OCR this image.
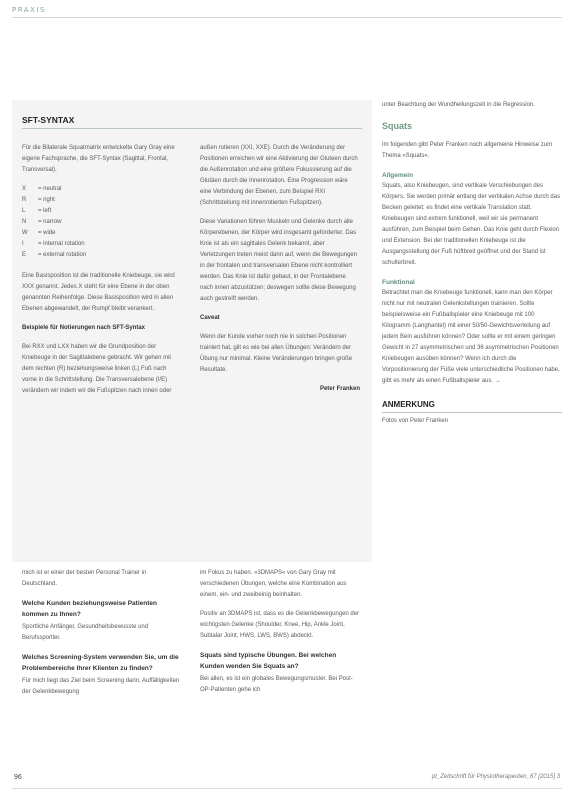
PRAXIS
SFT-SYNTAX

Für die Bilaterale Squatmatrix entwickelte Gary Gray eine eigene Fachsprache, die SFT-Syntax (Sagittal, Frontal, Transversal).

X	= neutral
R	= right
L	= left
N	= narrow
W	= wide
I	= internal rotation
E	= external rotation

Eine Basisposition ist die traditionelle Kniebeuge, sie wird XXX genannt. Jedes X steht für eine Ebene in der oben genannten Reihenfolge. Diese Basisposition wird in allen Ebenen abgewandelt, der Rumpf bleibt verankert.

Beispiele für Notierungen nach SFT-Syntax

Bei RXX und LXX haben wir die Grundposition der Kniebeuge in der Sagittalebene gebracht. Wir gehen mit dem rechten (R) beziehungsweise linken (L) Fuß nach vorne in die Schrittstellung. Die Transversalebene (I/E) verändern wir indem wir die Fußspitzen nach innen oder

außen rotieren (XXI, XXE). Durch die Veränderung der Positionen erreichen wir eine Aktivierung der Gluteen durch die Außenrotation und eine größere Fokussierung auf die Glutäen durch die Innenrotation. Eine Progression wäre eine Verbindung der Ebenen, zum Beispiel RXI (Schrittstellung mit innenrotierten Fußspitzen).

Diese Variationen führen Muskeln und Gelenke durch alle Körperebenen, der Körper wird insgesamt geforderter. Das Knie ist als ein sagittales Gelenk bekannt, aber Verletzungen treten meist dann auf, wenn die Bewegungen in der frontalen und transversalen Ebene nicht kontrolliert werden. Das Knie ist dafür gebaut, in der Frontalebene nach innen abzustützen; deswegen sollte diese Bewegung auch gestreift werden.

Caveat

Wenn der Kunde vorher noch nie in solchen Positionen trainiert hat, gilt es wie bei allen Übungen: Verändern der Übung nur minimal. Kleine Veränderungen bringen große Resultate.

Peter Franken

mich ist er einer der besten Personal Trainer in Deutschland.

Welche Kunden beziehungsweise Patienten kommen zu Ihnen?

Sportliche Anfänger, Gesundheitsbewusste und Berufssportler.

Welches Screening-System verwenden Sie, um die Problembereiche Ihrer Klienten zu finden?

Für mich liegt das Ziel beim Screening darin, Auffälligkeiten der Gelenkbewegung

im Fokus zu haben. »3DMAPS« von Gary Gray mit verschiedenen Übungen, welche eine Kombination aus einem, ein- und zweibeinig beinhalten.

Positiv an 3DMAPS ist, dass es die Gelenkbewegungen der wichtigsten Gelenke (Shoulder, Knee, Hip, Ankle Joint, Subtalar Joint, HWS, LWS, BWS) abdeckt.

Squats sind typische Übungen. Bei welchen Kunden wenden Sie Squats an?

Bei allen, es ist ein globales Bewegungsmuster. Bei Post-OP-Patienten gehe ich

unter Beachtung der Wundheilungszeit in die Regression.

Squats

Im folgenden gibt Peter Franken noch allgemeine Hinweise zum Thema »Squats«.

Allgemein

Squats, also Kniebeugen, sind vertikale Verschiebungen des Körpers. Sie werden primär entlang der vertikalen Achse durch das Becken geleitet; es findet eine vertikale Translation statt. Kniebeugen sind extrem funktionell, weil wir sie permanent ausführen, zum Beispiel beim Gehen. Das Knie geht durch Flexion und Extension. Bei der traditionellen Kniebeuge ist die Ausgangsstellung der Fuß hüftbreit geöffnet und der Stand ist schulterbreit.

Funktional

Betrachtet man die Kniebeuge funktionell, kann man den Körper nicht nur mit neutralen Gelenkstellungen trainieren. Sollte beispielsweise ein Fußballspieler eine Kniebeuge mit 100 Kilogramm (Langhantel) mit einer 50/50-Gewichtsverteilung auf jedem Bein ausführen können? Oder sollte er mit einem geringen Gewicht in 27 asymmetrischen und 36 asymmetrischen Positionen Kniebeugen ausüben können? Wenn ich durch die Vorpositionierung der Füße viele unterschiedliche Positionen habe, gibt es mehr als einen Fußballspieler aus. →

ANMERKUNG

Fotos von Peter Franken

96	pt_Zeitschrift für Physiotherapeuten_67 [2015] 3
